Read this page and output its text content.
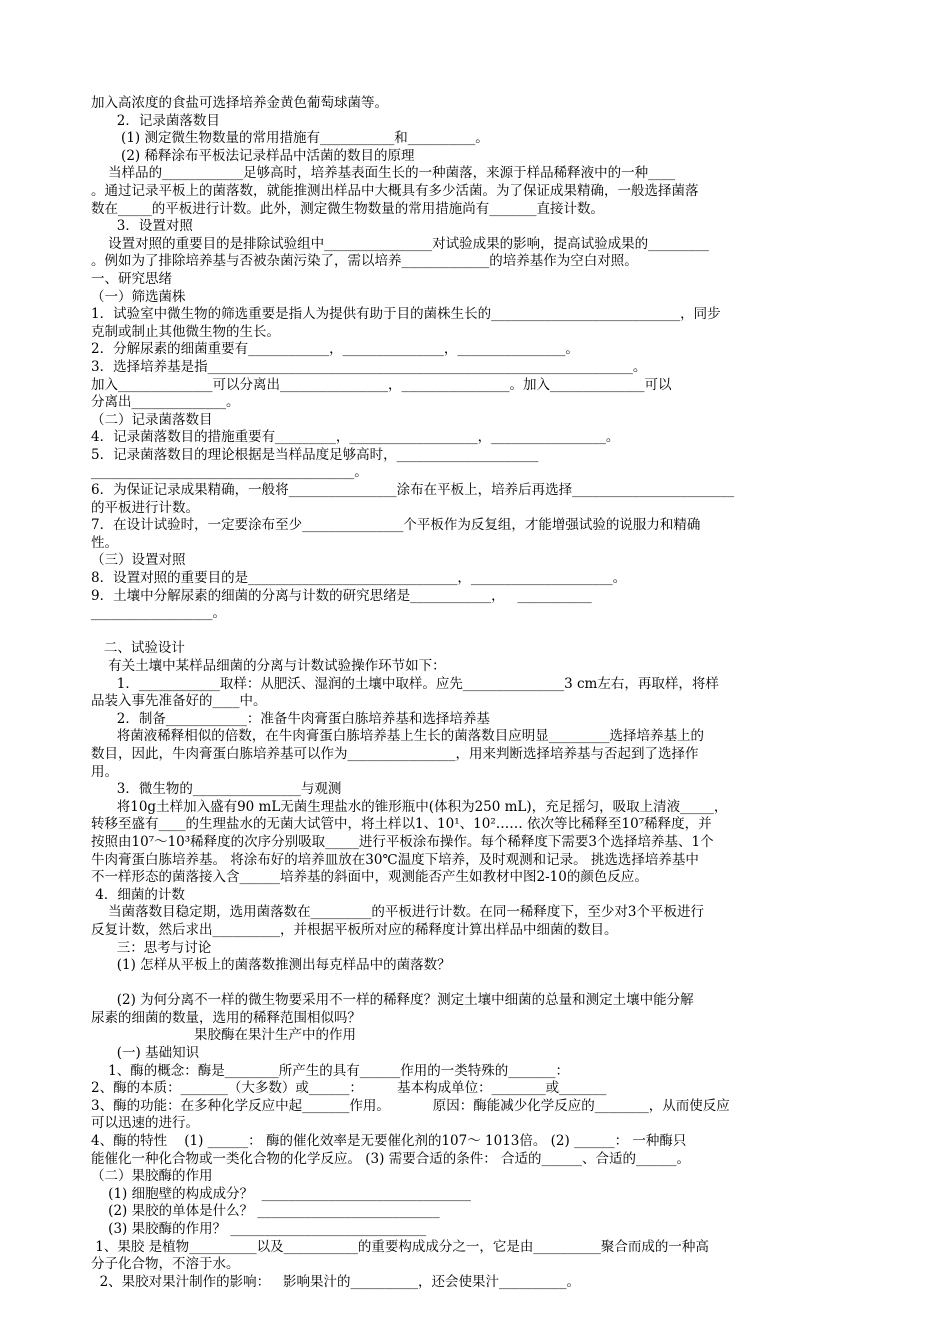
加入高浓度的食盐可选择培养金黄色葡萄球菌等。
2．记录菌落数目
(1) 测定微生物数量的常用措施有___________和__________。
(2) 稀释涂布平板法记录样品中活菌的数目的原理
当样品的____________足够高时，培养基表面生长的一种菌落，来源于样品稀释液中的一种____
。通过记录平板上的菌落数，就能推测出样品中大概具有多少活菌。为了保证成果精确，一般选择菌落
数在_____的平板进行计数。此外，测定微生物数量的常用措施尚有_______直接计数。
3．设置对照
设置对照的重要目的是排除试验组中________________对试验成果的影响，提高试验成果的_________
。例如为了排除培养基与否被杂菌污染了，需以培养_____________的培养基作为空白对照。
一、研究思绪
（一）筛选菌株
1．试验室中微生物的筛选重要是指人为提供有助于目的菌株生长的____________________________，同步
克制或制止其他微生物的生长。
2．分解尿素的细菌重要有____________，_______________，________________。
3．选择培养基是指_______________________________________________________________。
加入______________可以分离出________________，________________。加入______________可以
分离出______________。
（二）记录菌落数目
4．记录菌落数目的措施重要有_________，___________________，_________________。
5．记录菌落数目的理论根据是当样品度足够高时，_____________________
_______________________________________。
6．为保证记录成果精确，一般将________________涂布在平板上，培养后再选择________________________
的平板进行计数。
7．在设计试验时，一定要涂布至少_______________个平板作为反复组，才能增强试验的说服力和精确
性。
（三）设置对照
8．设置对照的重要目的是_______________________________，_____________________。
9．土壤中分解尿素的细菌的分离与计数的研究思绪是____________，   ___________
__________________。
二、试验设计
有关土壤中某样品细菌的分离与计数试验操作环节如下：
1．____________取样：从肥沃、湿润的土壤中取样。应先_______________3 cm左右，再取样，将样
品装入事先准备好的____中。
2．制备____________：准备牛肉膏蛋白胨培养基和选择培养基
将菌液稀释相似的倍数，在牛肉膏蛋白胨培养基上生长的菌落数目应明显_________选择培养基上的
数目，因此，牛肉膏蛋白胨培养基可以作为________________，用来判断选择培养基与否起到了选择作
用。
3．微生物的________________与观测
将10g土样加入盛有90 mL无菌生理盐水的锥形瓶中(体积为250 mL)，充足摇匀，吸取上清液_____，
转移至盛有____的生理盐水的无菌大试管中，将土样以1、10¹、10²…… 依次等比稀释至10⁷稀释度，并
按照由10⁷～10³稀释度的次序分别吸取_____进行平板涂布操作。每个稀释度下需要3个选择培养基、1个
牛肉膏蛋白胨培养基。 将涂布好的培养皿放在30℃温度下培养，及时观测和记录。 挑选选择培养基中
不一样形态的菌落接入含______培养基的斜面中，观测能否产生如教材中图2-10的颜色反应。
4．细菌的计数
当菌落数目稳定期，选用菌落数在_________的平板进行计数。在同一稀释度下，至少对3个平板进行
反复计数，然后求出__________，并根据平板所对应的稀释度计算出样品中细菌的数目。
三：思考与讨论
(1) 怎样从平板上的菌落数推测出每克样品中的菌落数？
(2) 为何分离不一样的微生物要采用不一样的稀释度？测定土壤中细菌的总量和测定土壤中能分解
尿素的细菌的数量，选用的稀释范围相似吗？
果胶酶在果汁生产中的作用
(一) 基础知识
1、酶的概念：酶是________所产生的具有______作用的一类特殊的_______：
2、酶的本质：_______（大多数）或______：        基本构成单位：________或_______
3、酶的功能：在多种化学反应中起_______作用。          原因：酶能减少化学反应的________，从而使反应
可以迅速的进行。
4、酶的特性    (1) ______： 酶的催化效率是无要催化剂的107～ 1013倍。 (2) ______： 一种酶只
能催化一种化合物或一类化合物的化学反应。 (3) 需要合适的条件： 合适的______、合适的______。
（二）果胶酶的作用
(1) 细胞壁的构成成分？  _______________________________
(2) 果胶的单体是什么？ ___________________________
(3) 果胶酶的作用？ _____________________________
1、果胶 是植物__________以及___________的重要构成成分之一，它是由__________聚合而成的一种高
分子化合物，不溶于水。
2、果胶对果汁制作的影响：   影响果汁的__________，还会使果汁__________。
